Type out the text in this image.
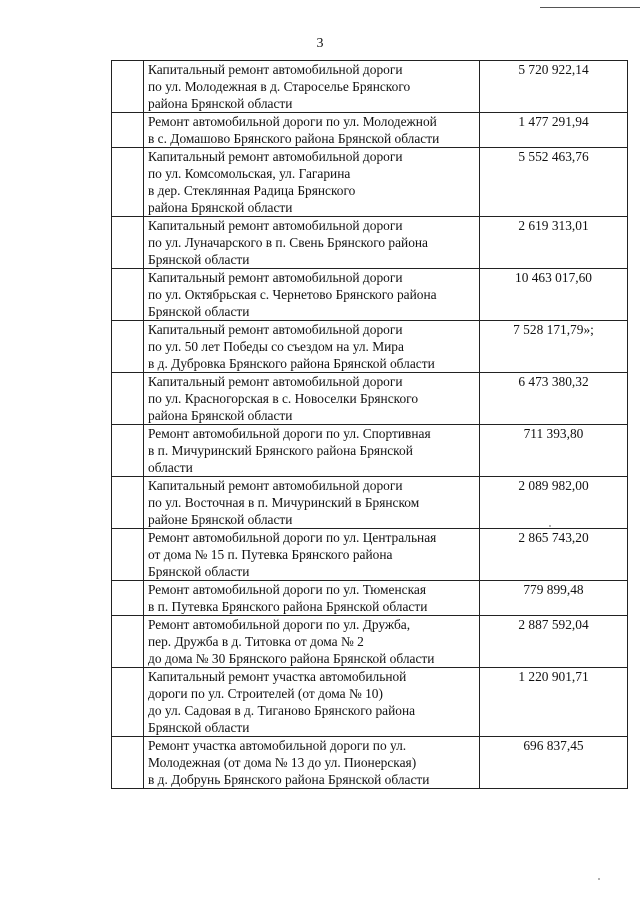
3

	Капитальный ремонт автомобильной дороги
по ул. Молодежная в д. Староселье Брянского
района Брянской области	5 720 922,14

	Ремонт автомобильной дороги по ул. Молодежной
в с. Домашово Брянского района Брянской области	1 477 291,94

	Капитальный ремонт автомобильной дороги
по ул. Комсомольская, ул. Гагарина
в дер. Стеклянная Радица Брянского
района Брянской области	5 552 463,76

	Капитальный ремонт автомобильной дороги
по ул. Луначарского в п. Свень Брянского района
Брянской области	2 619 313,01

	Капитальный ремонт автомобильной дороги
по ул. Октябрьская с. Чернетово Брянского района
Брянской области	10 463 017,60

	Капитальный ремонт автомобильной дороги
по ул. 50 лет Победы со съездом на ул. Мира
в д. Дубровка Брянского района Брянской области	7 528 171,79»;

	Капитальный ремонт автомобильной дороги
по ул. Красногорская в с. Новоселки Брянского
района Брянской области	6 473 380,32

	Ремонт автомобильной дороги по ул. Спортивная
в п. Мичуринский Брянского района Брянской
области	711 393,80

	Капитальный ремонт автомобильной дороги
по ул. Восточная в п. Мичуринский в Брянском
районе Брянской области	2 089 982,00

	Ремонт автомобильной дороги по ул. Центральная
от дома № 15 п. Путевка Брянского района
Брянской области	2 865 743,20

	Ремонт автомобильной дороги по ул. Тюменская
в п. Путевка Брянского района Брянской области	779 899,48

	Ремонт автомобильной дороги по ул. Дружба,
пер. Дружба в д. Титовка от дома № 2
до дома № 30 Брянского района Брянской области	2 887 592,04

	Капитальный ремонт участка автомобильной
дороги по ул. Строителей (от дома № 10)
до ул. Садовая в д. Тиганово Брянского района
Брянской области	1 220 901,71

	Ремонт участка автомобильной дороги по ул.
Молодежная (от дома № 13 до ул. Пионерская)
в д. Добрунь Брянского района Брянской области	696 837,45
